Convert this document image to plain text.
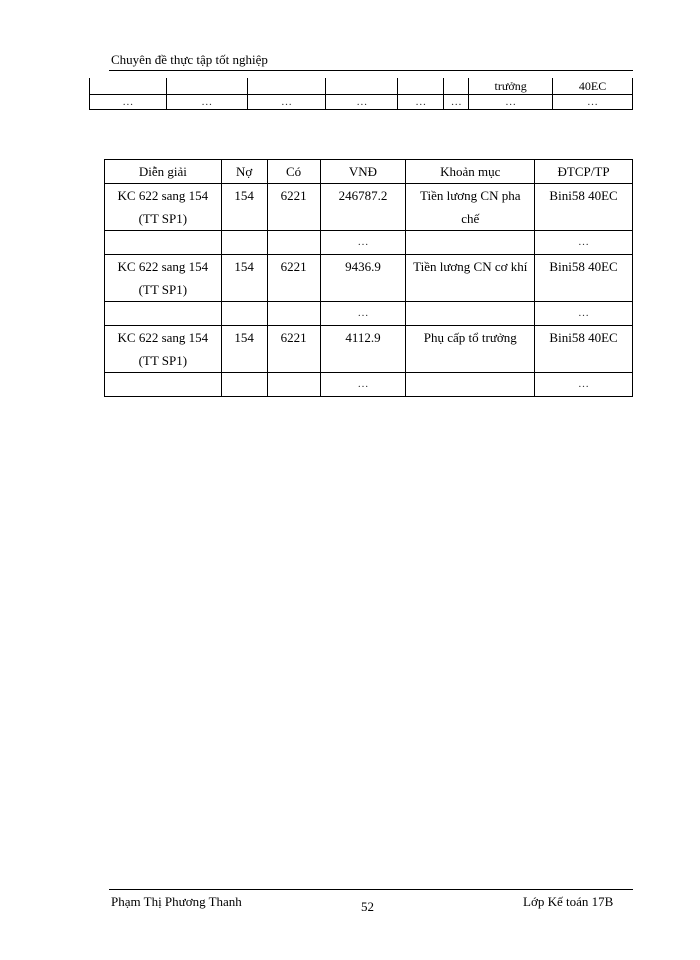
Chuyên đề thực tập tốt nghiệp
						trưởng	40EC
…	…	…	…	…	…	…	…
Diễn giải	Nợ	Có	VNĐ	Khoản mục	ĐTCP/TP
KC 622 sang 154 (TT SP1)	154	6221	246787.2	Tiền lương CN pha chế	Bini58 40EC
			…		…
KC 622 sang 154 (TT SP1)	154	6221	9436.9	Tiền lương CN cơ khí	Bini58 40EC
			…		…
KC 622 sang 154 (TT SP1)	154	6221	4112.9	Phụ cấp tổ trưởng	Bini58 40EC
			…		…
Phạm Thị Phương Thanh	52	Lớp Kế toán 17B
